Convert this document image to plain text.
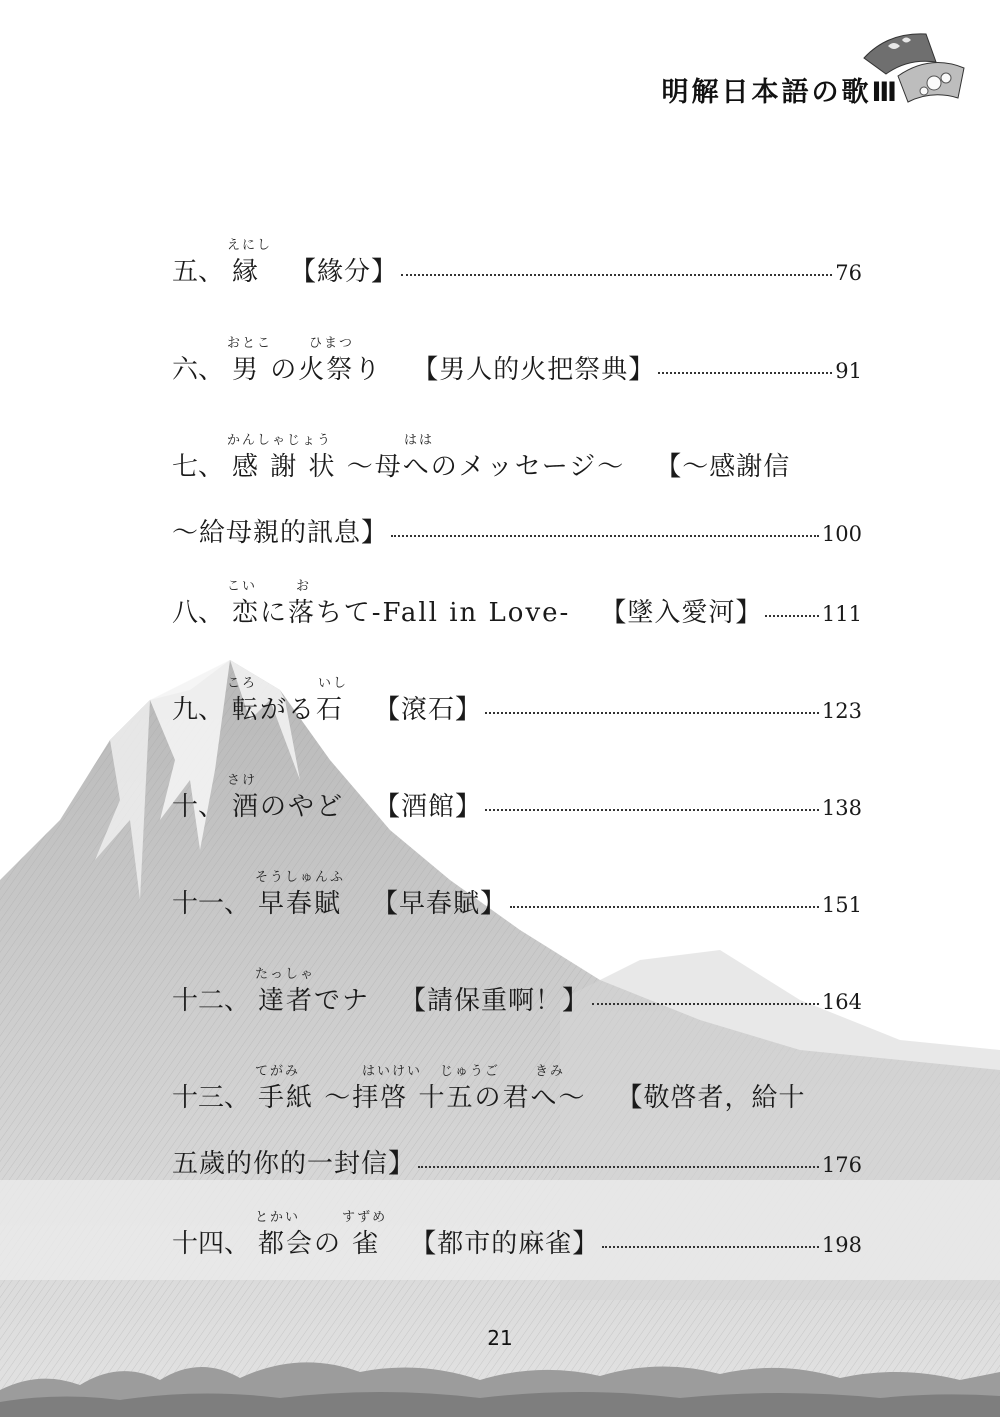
明解日本語の歌Ⅲ
えにし
五、 縁 【緣分】	76
おとこ	ひまつ
六、 男 の火祭り 【男人的火把祭典】	91
かんしゃじょう	はは
七、 感 謝 状 ～母へのメッセージ～ 【～感謝信
～給母親的訊息】	100
こい	お
八、 恋に落ちて-Fall in Love- 【墜入愛河】	111
ころ	いし
九、 転がる石 【滾石】	123
さけ
十、 酒のやど 【酒館】	138
そうしゅんふ
十一、 早春賦 【早春賦】	151
たっしゃ
十二、 達者でナ 【請保重啊！】	164
てがみ	はいけい じゅうご	きみ
十三、 手紙 ～拝啓 十五の君へ～ 【敬啓者，給十
五歲的你的一封信】	176
とかい	すずめ
十四、 都会の 雀 【都市的麻雀】	198
21
